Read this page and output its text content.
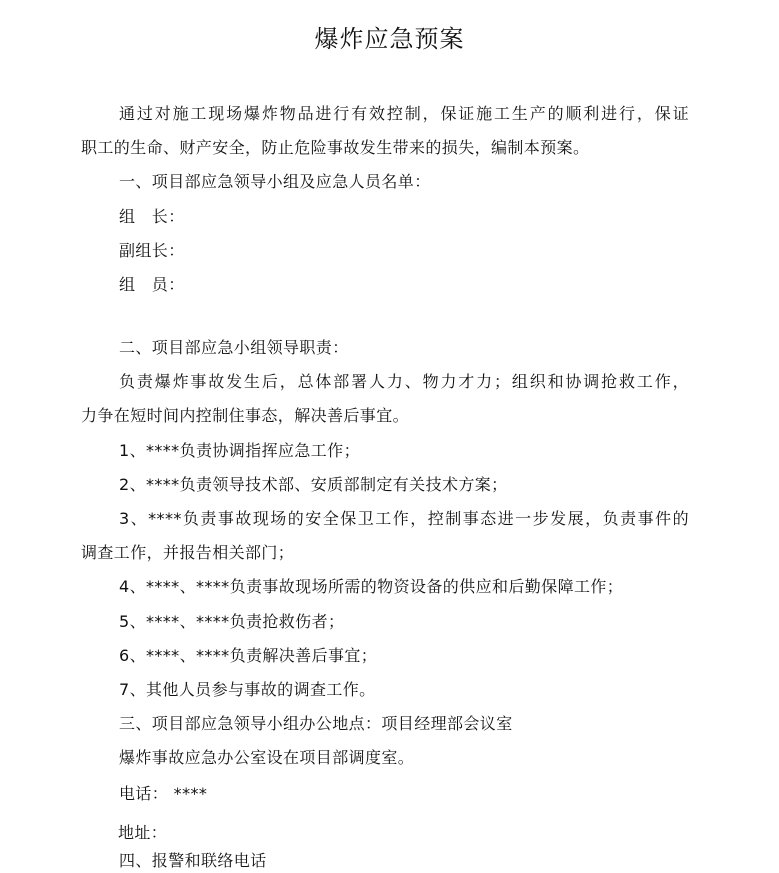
爆炸应急预案
通过对施工现场爆炸物品进行有效控制，保证施工生产的顺利进行，保证
职工的生命、财产安全，防止危险事故发生带来的损失，编制本预案。
一、项目部应急领导小组及应急人员名单：
组　长：
副组长：
组　员：
二、项目部应急小组领导职责：
负责爆炸事故发生后，总体部署人力、物力才力；组织和协调抢救工作，
力争在短时间内控制住事态，解决善后事宜。
1、****负责协调指挥应急工作；
2、****负责领导技术部、安质部制定有关技术方案；
3、****负责事故现场的安全保卫工作，控制事态进一步发展，负责事件的
调查工作，并报告相关部门；
4、****、****负责事故现场所需的物资设备的供应和后勤保障工作；
5、****、****负责抢救伤者；
6、****、****负责解决善后事宜；
7、其他人员参与事故的调查工作。
三、项目部应急领导小组办公地点：项目经理部会议室
爆炸事故应急办公室设在项目部调度室。
电话： ****
地址：
四、报警和联络电话
